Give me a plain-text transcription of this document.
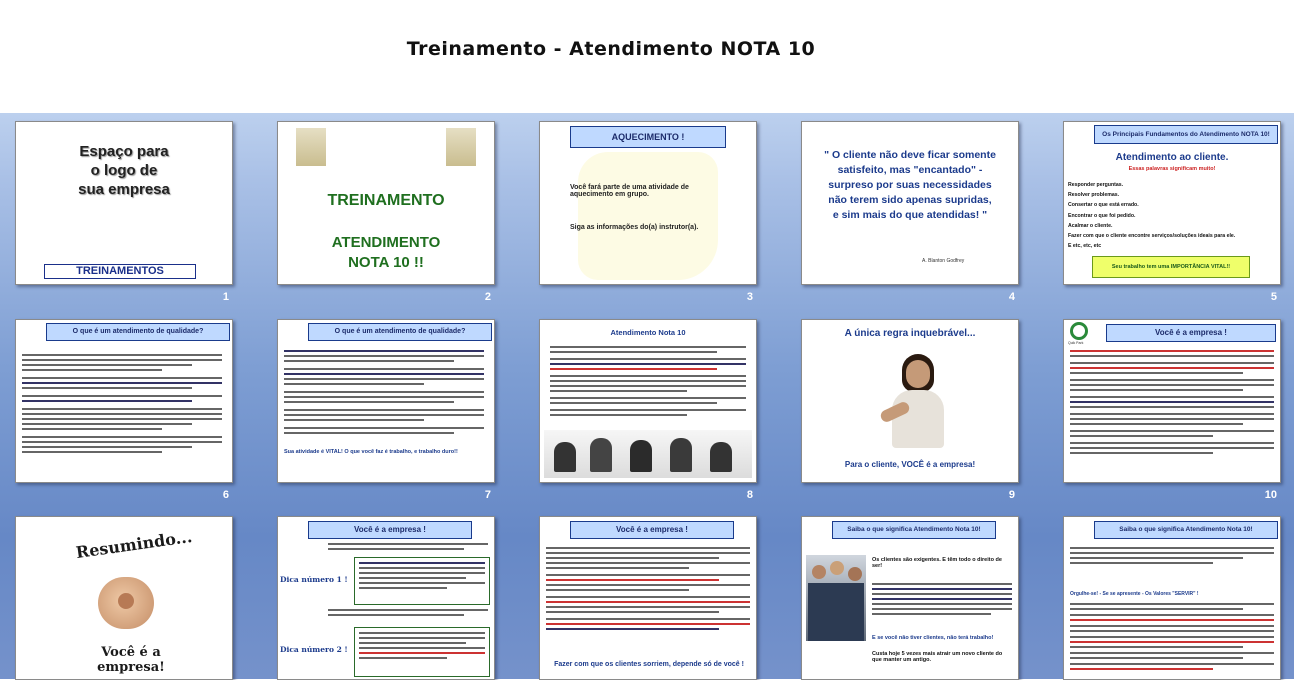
Treinamento - Atendimento NOTA 10
Espaço para o logo de sua empresa
TREINAMENTOS
1
TREINAMENTO
ATENDIMENTO
NOTA 10 !!
2
AQUECIMENTO !
Você fará parte de uma atividade de aquecimento em grupo.
Siga as informações do(a) instrutor(a).
3
" O cliente não deve ficar somente satisfeito, mas "encantado" - surpreso por suas necessidades não terem sido apenas supridas, e sim mais do que atendidas! "
A. Blanton Godfrey
4
Os Principais Fundamentos do Atendimento NOTA 10!
Atendimento ao cliente.
Essas palavras significam muito!
Responder perguntas.
Resolver problemas.
Consertar o que está errado.
Encontrar o que foi pedido.
Acalmar o cliente.
Fazer com que o cliente encontre serviços/soluções ideais para ele.
E etc, etc, etc
Seu trabalho tem uma IMPORTÂNCIA VITAL!!
5
O que é um atendimento de qualidade?
6
O que é um atendimento de qualidade?
Sua atividade é VITAL! O que você faz é trabalho, e trabalho duro!!
7
Atendimento Nota 10
8
A única regra inquebrável...
Para o cliente, VOCÊ é a empresa!
9
Quik Park
Você é a empresa !
10
Resumindo...
Você é a empresa!
Você é a empresa !
Dica número 1 !
Dica número 2 !
Você é a empresa !
Fazer com que os clientes sorriem, depende só de você !
Saiba o que significa Atendimento Nota 10!
Os clientes são exigentes. E têm todo o direito de ser!
E se você não tiver clientes, não terá trabalho!
Custa hoje 5 vezes mais atrair um novo cliente do que manter um antigo.
Saiba o que significa Atendimento Nota 10!
Orgulhe-se! - Se se apresente - Os Valores "SERVIR" !
